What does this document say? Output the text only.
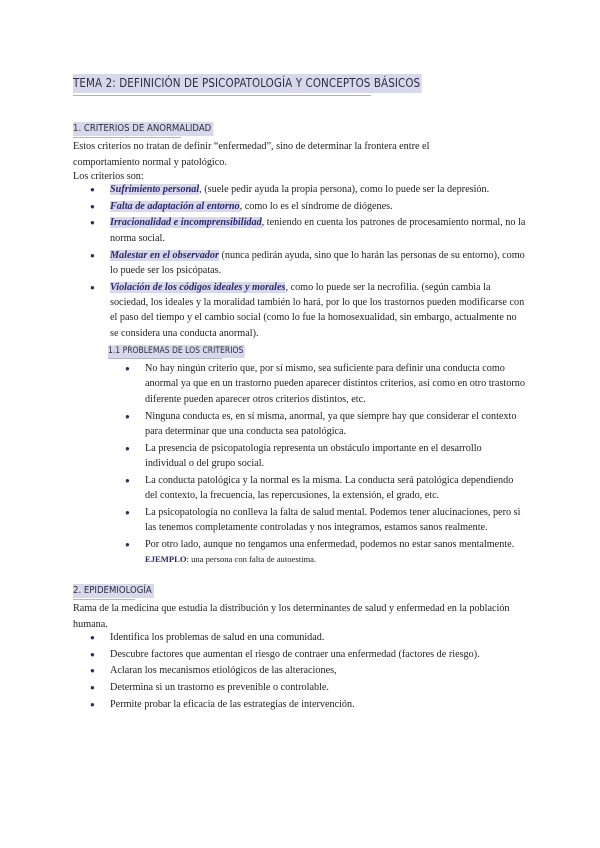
TEMA 2: DEFINICIÓN DE PSICOPATOLOGÍA Y CONCEPTOS BÁSICOS
1. CRITERIOS DE ANORMALIDAD
Estos criterios no tratan de definir “enfermedad”, sino de determinar la frontera entre el comportamiento normal y patológico.
Los criterios son:
● Sufrimiento personal, (suele pedir ayuda la propia persona), como lo puede ser la depresión.
● Falta de adaptación al entorno, como lo es el síndrome de diógenes.
● Irracionalidad e incomprensibilidad, teniendo en cuenta los patrones de procesamiento normal, no la norma social.
● Malestar en el observador (nunca pedirán ayuda, sino que lo harán las personas de su entorno), como lo puede ser los psicópatas.
● Violación de los códigos ideales y morales, como lo puede ser la necrofilia. (según cambia la sociedad, los ideales y la moralidad también lo hará, por lo que los trastornos pueden modificarse con el paso del tiempo y el cambio social (como lo fue la homosexualidad, sin embargo, actualmente no se considera una conducta anormal).
1.1 PROBLEMAS DE LOS CRITERIOS
● No hay ningún criterio que, por sí mismo, sea suficiente para definir una conducta como anormal ya que en un trastorno pueden aparecer distintos criterios, así como en otro trastorno diferente pueden aparecer otros criterios distintos, etc.
● Ninguna conducta es, en sí misma, anormal, ya que siempre hay que considerar el contexto para determinar que una conducta sea patológica.
● La presencia de psicopatología representa un obstáculo importante en el desarrollo individual o del grupo social.
● La conducta patológica y la normal es la misma. La conducta será patológica dependiendo del contexto, la frecuencia, las repercusiones, la extensión, el grado, etc.
● La psicopatología no conlleva la falta de salud mental. Podemos tener alucinaciones, pero si las tenemos completamente controladas y nos integramos, estamos sanos realmente.
● Por otro lado, aunque no tengamos una enfermedad, podemos no estar sanos mentalmente. EJEMPLO: una persona con falta de autoestima.
2. EPIDEMIOLOGÍA
Rama de la medicina que estudia la distribución y los determinantes de salud y enfermedad en la población humana.
● Identifica los problemas de salud en una comunidad.
● Descubre factores que aumentan el riesgo de contraer una enfermedad (factores de riesgo).
● Aclaran los mecanismos etiológicos de las alteraciones,
● Determina si un trastorno es prevenible o controlable.
● Permite probar la eficacia de las estrategias de intervención.
